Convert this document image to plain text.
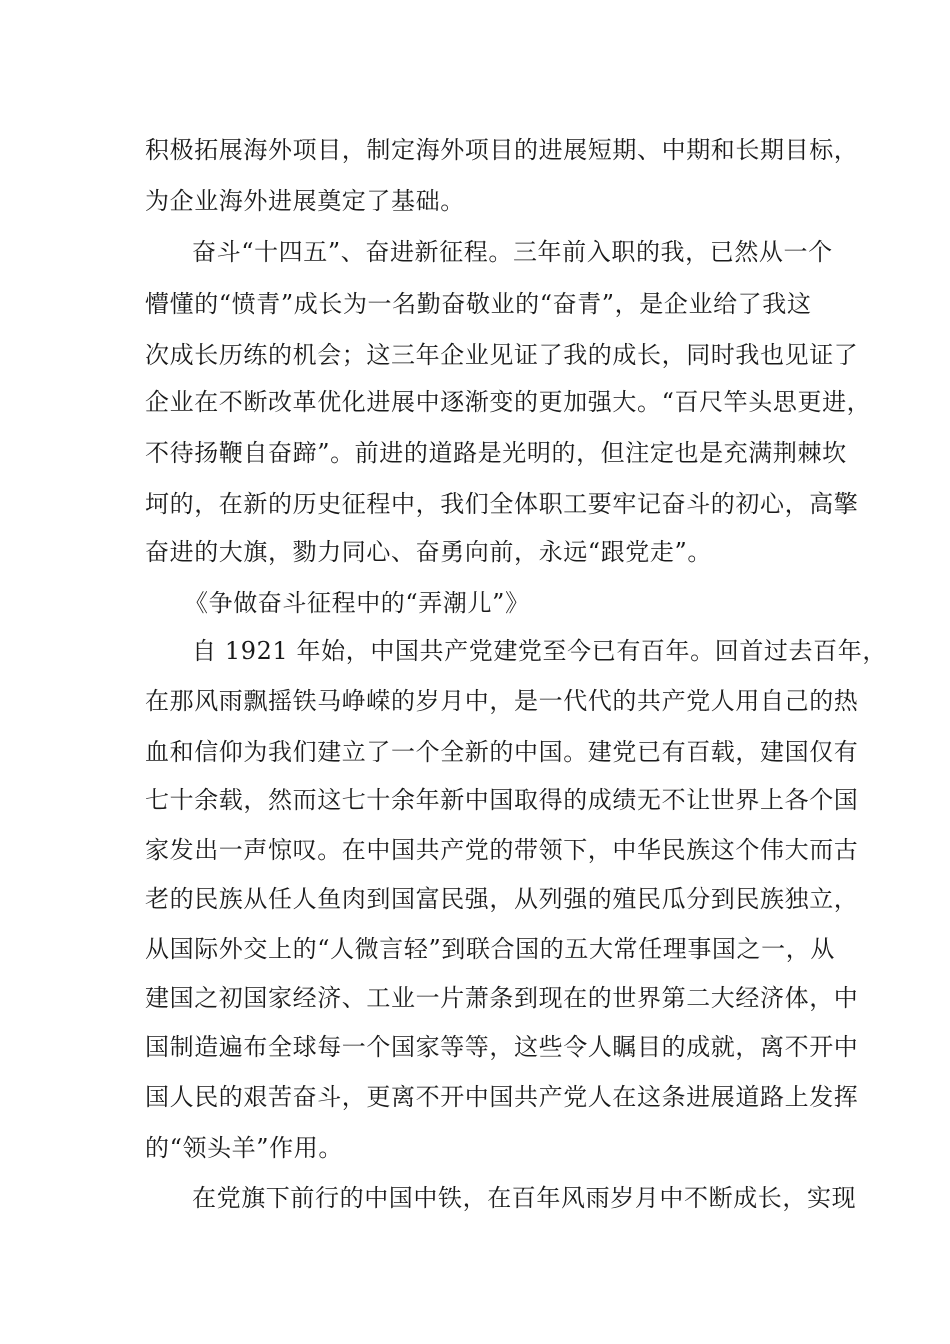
积极拓展海外项目，制定海外项目的进展短期、中期和长期目标，
为企业海外进展奠定了基础。
奋斗“十四五”、奋进新征程。三年前入职的我，已然从一个
懵懂的“愤青”成长为一名勤奋敬业的“奋青”，是企业给了我这
次成长历练的机会；这三年企业见证了我的成长，同时我也见证了
企业在不断改革优化进展中逐渐变的更加强大。“百尺竿头思更进，
不待扬鞭自奋蹄”。前进的道路是光明的，但注定也是充满荆棘坎
坷的，在新的历史征程中，我们全体职工要牢记奋斗的初心，高擎
奋进的大旗，勠力同心、奋勇向前，永远“跟党走”。
《争做奋斗征程中的“弄潮儿”》
自 1921 年始，中国共产党建党至今已有百年。回首过去百年，
在那风雨飘摇铁马峥嵘的岁月中，是一代代的共产党人用自己的热
血和信仰为我们建立了一个全新的中国。建党已有百载，建国仅有
七十余载，然而这七十余年新中国取得的成绩无不让世界上各个国
家发出一声惊叹。在中国共产党的带领下，中华民族这个伟大而古
老的民族从任人鱼肉到国富民强，从列强的殖民瓜分到民族独立，
从国际外交上的“人微言轻”到联合国的五大常任理事国之一，从
建国之初国家经济、工业一片萧条到现在的世界第二大经济体，中
国制造遍布全球每一个国家等等，这些令人瞩目的成就，离不开中
国人民的艰苦奋斗，更离不开中国共产党人在这条进展道路上发挥
的“领头羊”作用。
在党旗下前行的中国中铁，在百年风雨岁月中不断成长，实现
